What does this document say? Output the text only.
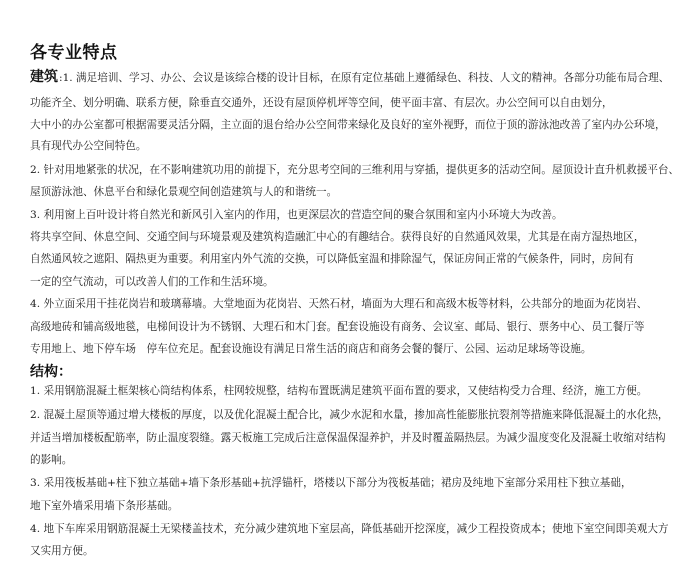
各专业特点
建筑:1. 满足培训、学习、办公、会议是该综合楼的设计目标，在原有定位基础上遵循绿色、科技、人文的精神。各部分功能布局合理、
功能齐全、划分明确、联系方便，除垂直交通外，还设有屋顶停机坪等空间，使平面丰富、有层次。办公空间可以自由划分，
大中小的办公室都可根据需要灵活分隔，主立面的退台给办公空间带来绿化及良好的室外视野，而位于顶的游泳池改善了室内办公环境，
具有现代办公空间特色。
2. 针对用地紧张的状况，在不影响建筑功用的前提下，充分思考空间的三维利用与穿插，提供更多的活动空间。屋顶设计直升机救援平台、
屋顶游泳池、休息平台和绿化景观空间创造建筑与人的和谐统一。
3. 利用窗上百叶设计将自然光和新风引入室内的作用，也更深层次的营造空间的聚合氛围和室内小环境大为改善。
将共享空间、休息空间、交通空间与环境景观及建筑构造融汇中心的有趣结合。获得良好的自然通风效果，尤其是在南方湿热地区，
自然通风较之遮阳、隔热更为重要。利用室内外气流的交换，可以降低室温和排除湿气，保证房间正常的气候条件，同时，房间有
一定的空气流动，可以改善人们的工作和生活环境。
4. 外立面采用干挂花岗岩和玻璃幕墙。大堂地面为花岗岩、天然石材，墙面为大理石和高级木板等材料，公共部分的地面为花岗岩、
高级地砖和铺高级地毯，电梯间设计为不锈钢、大理石和木门套。配套设施设有商务、会议室、邮局、银行、票务中心、员工餐厅等
专用地上、地下停车场　停车位充足。配套设施设有满足日常生活的商店和商务会餐的餐厅、公园、运动足球场等设施。
结构：
1. 采用钢筋混凝土框架核心筒结构体系，柱网较规整，结构布置既满足建筑平面布置的要求，又使结构受力合理、经济，施工方便。
2. 混凝土屋顶等通过增大楼板的厚度，以及优化混凝土配合比，减少水泥和水量，掺加高性能膨胀抗裂剂等措施来降低混凝土的水化热，
并适当增加楼板配筋率，防止温度裂缝。露天板施工完成后注意保温保湿养护，并及时覆盖隔热层。为减少温度变化及混凝土收缩对结构
的影响。
3. 采用筏板基础+柱下独立基础+墙下条形基础+抗浮锚杆，塔楼以下部分为筏板基础；裙房及纯地下室部分采用柱下独立基础，
地下室外墙采用墙下条形基础。
4. 地下车库采用钢筋混凝土无梁楼盖技术，充分减少建筑地下室层高，降低基础开挖深度，减少工程投资成本；使地下室空间即美观大方
又实用方便。
